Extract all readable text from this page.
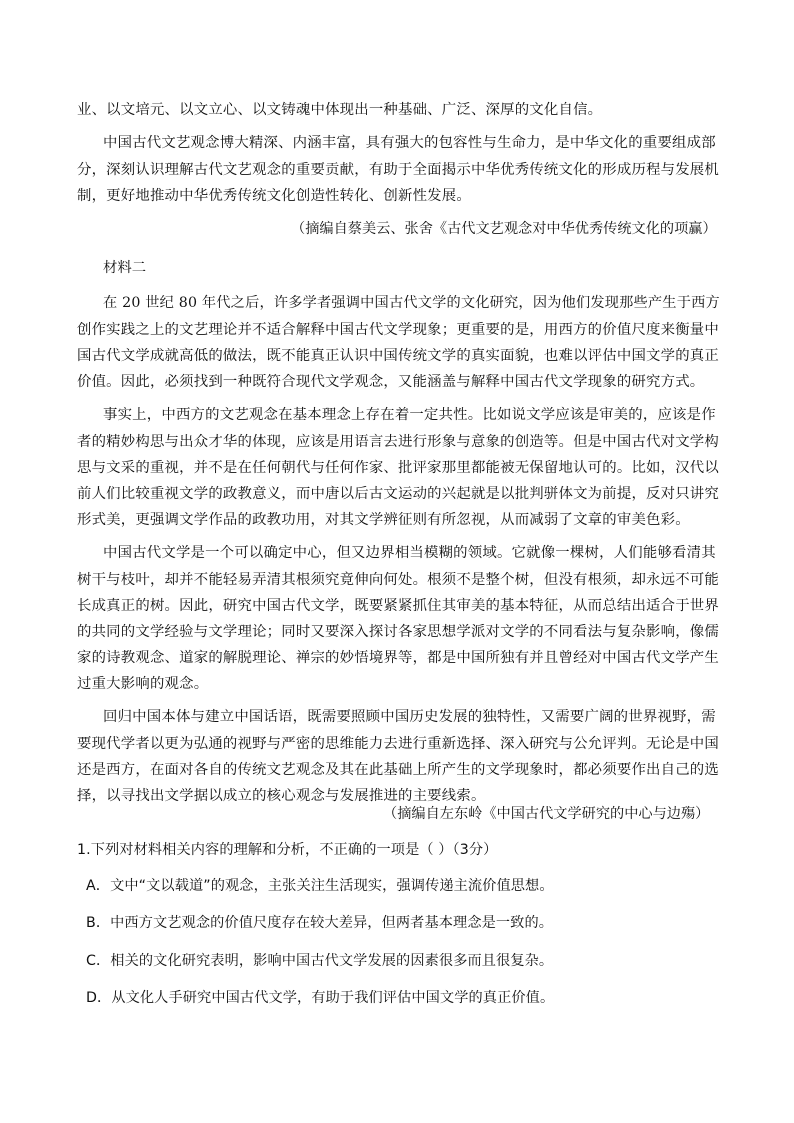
业、以文培元、以文立心、以文铸魂中体现出一种基础、广泛、深厚的文化自信。
中国古代文艺观念博大精深、内涵丰富，具有强大的包容性与生命力，是中华文化的重要组成部
分，深刻认识理解古代文艺观念的重要贡献，有助于全面揭示中华优秀传统文化的形成历程与发展机
制，更好地推动中华优秀传统文化创造性转化、创新性发展。
（摘编自蔡美云、张舍《古代文艺观念对中华优秀传统文化的项赢）
材料二
在 20 世纪 80 年代之后，许多学者强调中国古代文学的文化研究，因为他们发现那些产生于西方
创作实践之上的文艺理论并不适合解释中国古代文学现象；更重要的是，用西方的价值尺度来衡量中
国古代文学成就高低的做法，既不能真正认识中国传统文学的真实面貌，也难以评估中国文学的真正
价值。因此，必须找到一种既符合现代文学观念，又能涵盖与解释中国古代文学现象的研究方式。
事实上，中西方的文艺观念在基本理念上存在着一定共性。比如说文学应该是审美的，应该是作
者的精妙构思与出众才华的体现，应该是用语言去进行形象与意象的创造等。但是中国古代对文学构
思与文采的重视，并不是在任何朝代与任何作家、批评家那里都能被无保留地认可的。比如，汉代以
前人们比较重视文学的政教意义，而中唐以后古文运动的兴起就是以批判骈体文为前提，反对只讲究
形式美，更强调文学作品的政教功用，对其文学辨征则有所忽视，从而减弱了文章的审美色彩。
中国古代文学是一个可以确定中心，但又边界相当模糊的领域。它就像一棵树，人们能够看清其
树干与枝叶，却并不能轻易弄清其根须究竟伸向何处。根须不是整个树，但没有根须，却永远不可能
长成真正的树。因此，研究中国古代文学，既要紧紧抓住其审美的基本特征，从而总结出适合于世界
的共同的文学经验与文学理论；同时又要深入探讨各家思想学派对文学的不同看法与复杂影响，像儒
家的诗教观念、道家的解脱理论、禅宗的妙悟境界等，都是中国所独有并且曾经对中国古代文学产生
过重大影响的观念。
回归中国本体与建立中国话语，既需要照顾中国历史发展的独特性，又需要广阔的世界视野，需
要现代学者以更为弘通的视野与严密的思维能力去进行重新选择、深入研究与公允评判。无论是中国
还是西方，在面对各自的传统文艺观念及其在此基础上所产生的文学现象时，都必须要作出自己的选
择，以寻找出文学据以成立的核心观念与发展推进的主要线索。
（摘编自左东岭《中国古代文学研究的中心与边殤）
1.下列对材料相关内容的理解和分析，不正确的一项是（ ）（3分）
A．文中“文以载道”的观念，主张关注生活现实，强调传递主流价值思想。
B．中西方文艺观念的价值尺度存在较大差异，但两者基本理念是一致的。
C．相关的文化研究表明，影响中国古代文学发展的因素很多而且很复杂。
D．从文化人手研究中国古代文学，有助于我们评估中国文学的真正价值。
